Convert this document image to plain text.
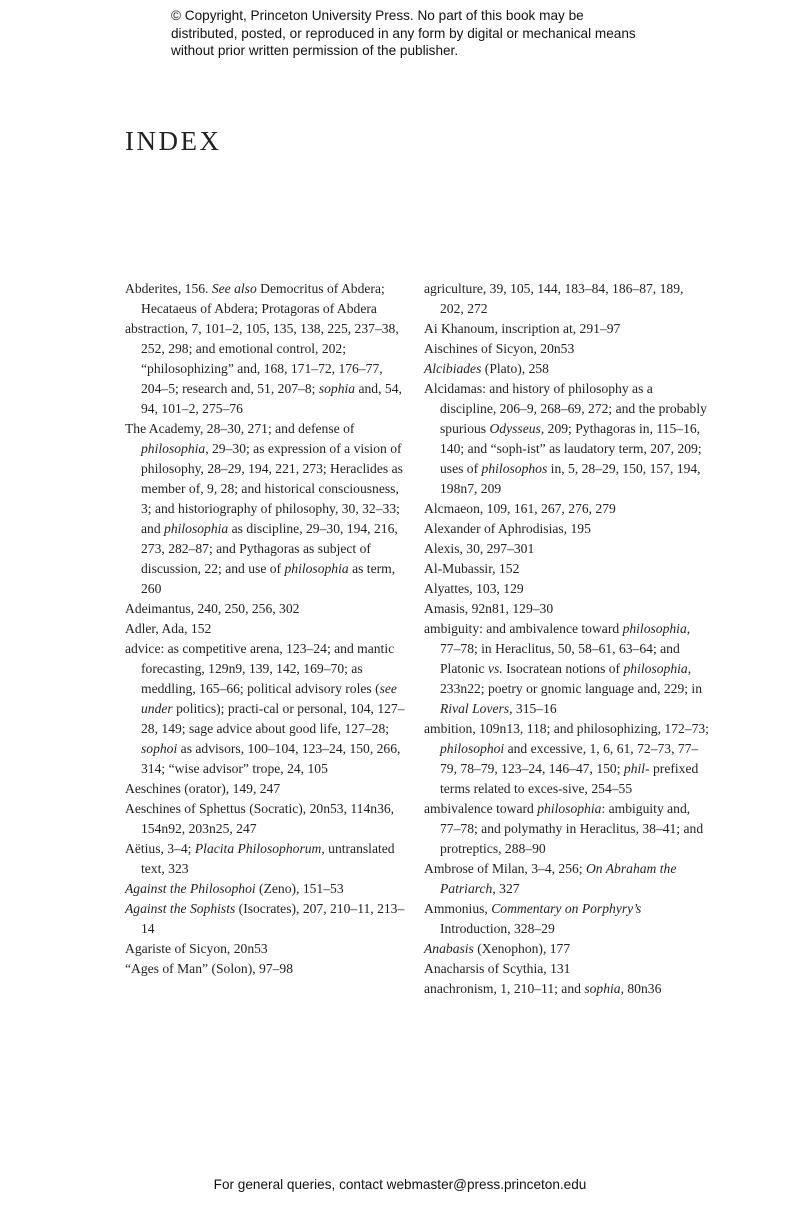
© Copyright, Princeton University Press. No part of this book may be distributed, posted, or reproduced in any form by digital or mechanical means without prior written permission of the publisher.
INDEX

Abderites, 156. See also Democritus of Abdera; Hecataeus of Abdera; Protagoras of Abdera

abstraction, 7, 101–2, 105, 135, 138, 225, 237–38, 252, 298; and emotional control, 202; “philosophizing” and, 168, 171–72, 176–77, 204–5; research and, 51, 207–8; sophia and, 54, 94, 101–2, 275–76

The Academy, 28–30, 271; and defense of philosophia, 29–30; as expression of a vision of philosophy, 28–29, 194, 221, 273; Heraclides as member of, 9, 28; and historical consciousness, 3; and historiography of philosophy, 30, 32–33; and philosophia as discipline, 29–30, 194, 216, 273, 282–87; and Pythagoras as subject of discussion, 22; and use of philosophia as term, 260

Adeimantus, 240, 250, 256, 302

Adler, Ada, 152

advice: as competitive arena, 123–24; and mantic forecasting, 129n9, 139, 142, 169–70; as meddling, 165–66; political advisory roles (see under politics); practi-cal or personal, 104, 127–28, 149; sage advice about good life, 127–28; sophoi as advisors, 100–104, 123–24, 150, 266, 314; “wise advisor” trope, 24, 105

Aeschines (orator), 149, 247

Aeschines of Sphettus (Socratic), 20n53, 114n36, 154n92, 203n25, 247

Aëtius, 3–4; Placita Philosophorum, untranslated text, 323

Against the Philosophoi (Zeno), 151–53

Against the Sophists (Isocrates), 207, 210–11, 213–14

Agariste of Sicyon, 20n53

“Ages of Man” (Solon), 97–98

agriculture, 39, 105, 144, 183–84, 186–87, 189, 202, 272

Ai Khanoum, inscription at, 291–97

Aischines of Sicyon, 20n53

Alcibiades (Plato), 258

Alcidamas: and history of philosophy as a discipline, 206–9, 268–69, 272; and the probably spurious Odysseus, 209; Pythagoras in, 115–16, 140; and “soph-ist” as laudatory term, 207, 209; uses of philosophos in, 5, 28–29, 150, 157, 194, 198n7, 209

Alcmaeon, 109, 161, 267, 276, 279

Alexander of Aphrodisias, 195

Alexis, 30, 297–301

Al-Mubassir, 152

Alyattes, 103, 129

Amasis, 92n81, 129–30

ambiguity: and ambivalence toward philosophia, 77–78; in Heraclitus, 50, 58–61, 63–64; and Platonic vs. Isocratean notions of philosophia, 233n22; poetry or gnomic language and, 229; in Rival Lovers, 315–16

ambition, 109n13, 118; and philosophizing, 172–73; philosophoi and excessive, 1, 6, 61, 72–73, 77–79, 78–79, 123–24, 146–47, 150; phil- prefixed terms related to exces-sive, 254–55

ambivalence toward philosophia: ambiguity and, 77–78; and polymathy in Heraclitus, 38–41; and protreptics, 288–90

Ambrose of Milan, 3–4, 256; On Abraham the Patriarch, 327

Ammonius, Commentary on Porphyry’s Introduction, 328–29

Anabasis (Xenophon), 177

Anacharsis of Scythia, 131

anachronism, 1, 210–11; and sophia, 80n36

For general queries, contact webmaster@press.princeton.edu
